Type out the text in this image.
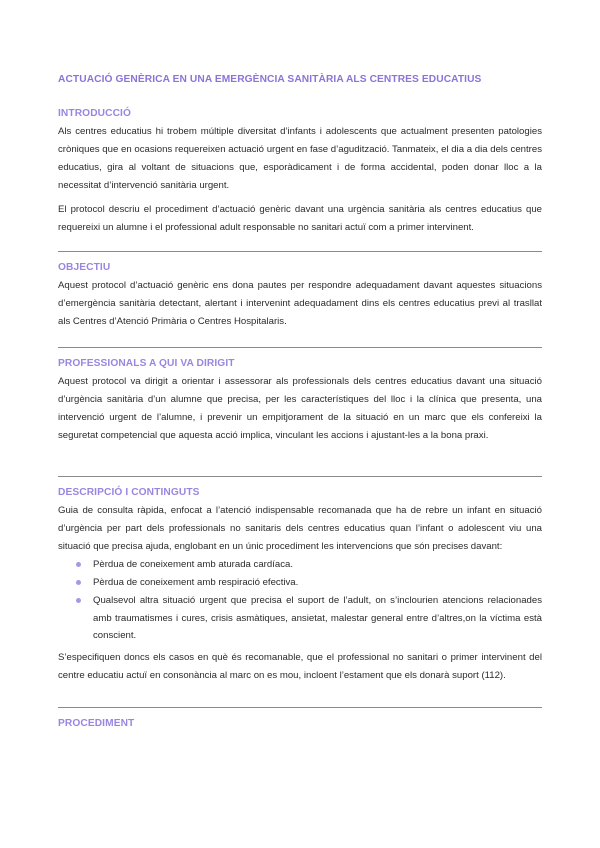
ACTUACIÓ GENÈRICA EN UNA EMERGÈNCIA SANITÀRIA ALS CENTRES EDUCATIUS
INTRODUCCIÓ

Als centres educatius hi trobem múltiple diversitat d’infants i adolescents que actualment presenten patologies cròniques que en ocasions requereixen actuació urgent en fase d’agudització. Tanmateix, el dia a dia dels centres educatius, gira al voltant de situacions que, esporàdicament i de forma accidental, poden donar lloc a la necessitat d’intervenció sanitària urgent.

El protocol descriu el procediment d’actuació genèric davant una urgència sanitària als centres educatius que requereixi un alumne i el professional adult responsable no sanitari actuï com a primer intervinent.

OBJECTIU

Aquest protocol d’actuació genèric ens dona pautes per respondre adequadament davant aquestes situacions d’emergència sanitària detectant, alertant i intervenint adequadament dins els centres educatius previ al trasllat als Centres d’Atenció Primària o Centres Hospitalaris.

PROFESSIONALS A QUI VA DIRIGIT

Aquest protocol va dirigit a orientar i assessorar als professionals dels centres educatius davant una situació d’urgència sanitària d’un alumne que precisa, per les característiques del lloc i la clínica que presenta, una intervenció urgent de l’alumne, i prevenir un empitjorament de la situació en un marc que els confereixi la seguretat competencial que aquesta acció implica, vinculant les accions i ajustant-les a la bona praxi.

DESCRIPCIÓ I CONTINGUTS

Guia de consulta ràpida, enfocat a l’atenció indispensable recomanada que ha de rebre un infant en situació d’urgència per part dels professionals no sanitaris dels centres educatius quan l’infant o adolescent viu una situació que precisa ajuda, englobant en un únic procediment les intervencions que són precises davant:

Pèrdua de coneixement amb aturada cardíaca.
Pèrdua de coneixement amb respiració efectiva.
Qualsevol altra situació urgent que precisa el suport de l’adult, on s’inclourien atencions relacionades amb traumatismes i cures, crisis asmàtiques, ansietat, malestar general entre d’altres,on la víctima està conscient.

S’especifiquen doncs els casos en què és recomanable, que el professional no sanitari o primer intervinent del centre educatiu actuï en consonància al marc on es mou, incloent l’estament que els donarà suport (112).

PROCEDIMENT
